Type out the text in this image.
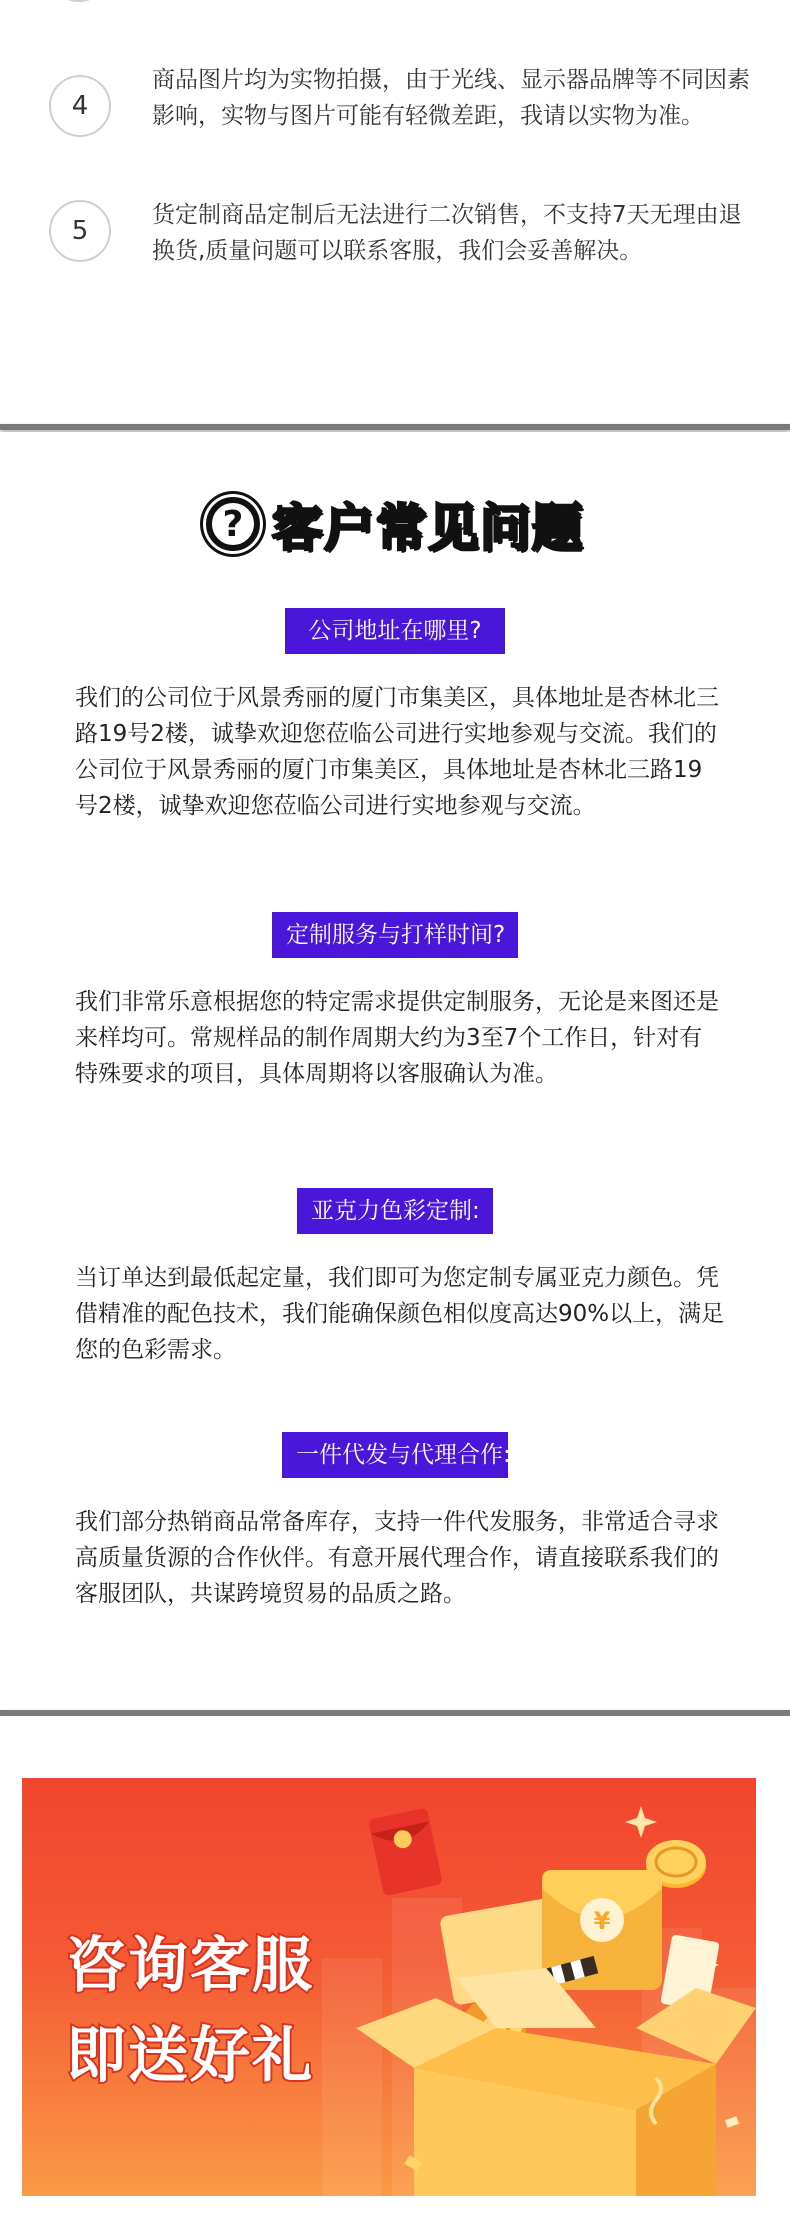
4
商品图片均为实物拍摄，由于光线、显示器品牌等不同因素影响，实物与图片可能有轻微差距，我请以实物为准。
5
货定制商品定制后无法进行二次销售，不支持7天无理由退换货,质量问题可以联系客服，我们会妥善解决。
? 客户常见问题
公司地址在哪里?
我们的公司位于风景秀丽的厦门市集美区，具体地址是杏林北三路19号2楼，诚挚欢迎您莅临公司进行实地参观与交流。我们的公司位于风景秀丽的厦门市集美区，具体地址是杏林北三路19号2楼，诚挚欢迎您莅临公司进行实地参观与交流。
定制服务与打样时间?
我们非常乐意根据您的特定需求提供定制服务，无论是来图还是来样均可。常规样品的制作周期大约为3至7个工作日，针对有特殊要求的项目，具体周期将以客服确认为准。
亚克力色彩定制:
当订单达到最低起定量，我们即可为您定制专属亚克力颜色。凭借精准的配色技术，我们能确保颜色相似度高达90%以上，满足您的色彩需求。
一件代发与代理合作:
我们部分热销商品常备库存，支持一件代发服务，非常适合寻求高质量货源的合作伙伴。有意开展代理合作，请直接联系我们的客服团队，共谋跨境贸易的品质之路。
咨询客服
即送好礼
¥
